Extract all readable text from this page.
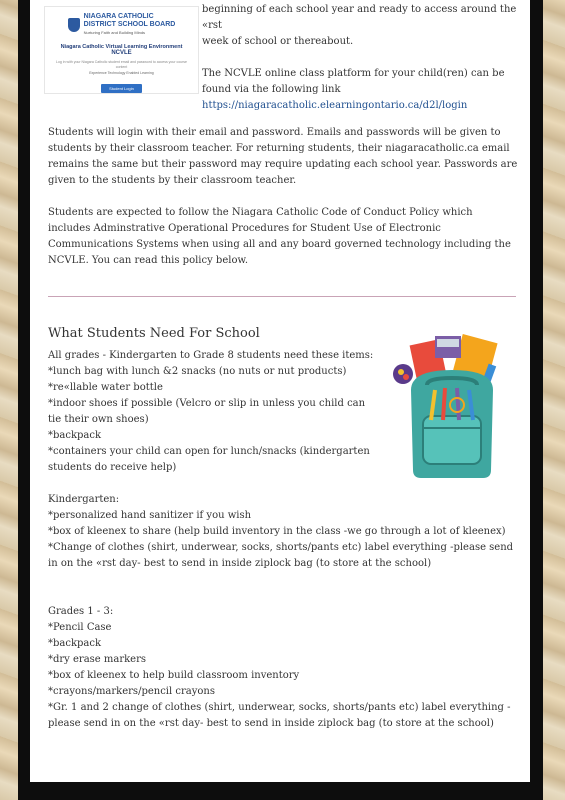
NIAGARA CATHOLIC
DISTRICT SCHOOL BOARD
Nurturing Faith and Building Minds
Niagara Catholic Virtual Learning Environment
NCVLE
Log in with your Niagara Catholic student email and password to access your course content
Experience Technology Enabled Learning
Student Login
beginning of each school year and ready to access around the «rst
week of school or thereabout.
The NCVLE online class platform for your child(ren) can be found via the following link
https://niagaracatholic.elearningontario.ca/d2l/login
Students will login with their email and password. Emails and passwords will be given to students by their classroom teacher. For returning students, their niagaracatholic.ca email remains the same but their password may require updating each school year. Passwords are given to the students by their classroom teacher.
Students are expected to follow the Niagara Catholic Code of Conduct Policy which includes Adminstrative Operational Procedures for Student Use of Electronic Communications Systems when using all and any board governed technology including the NCVLE. You can read this policy below.
What Students Need For School
All grades - Kindergarten to Grade 8 students need these items:
*lunch bag with lunch &2 snacks (no nuts or nut products)
*re«llable water bottle
*indoor shoes if possible (Velcro or slip in unless you child can tie their own shoes)
*backpack
*containers your child can open for lunch/snacks (kindergarten students do receive help)
Kindergarten:
*personalized hand sanitizer if you wish
*box of kleenex to share (help build inventory in the class -we go through a lot of kleenex)
*Change of clothes (shirt, underwear, socks, shorts/pants etc) label everything -please send in on the «rst day- best to send in inside ziplock bag (to store at the school)
Grades 1 - 3:
*Pencil Case
*backpack
*dry erase markers
*box of kleenex to help build classroom inventory
*crayons/markers/pencil crayons
*Gr. 1 and 2 change of clothes (shirt, underwear, socks, shorts/pants etc) label everything -please send in on the «rst day- best to send in inside ziplock bag (to store at the school)
